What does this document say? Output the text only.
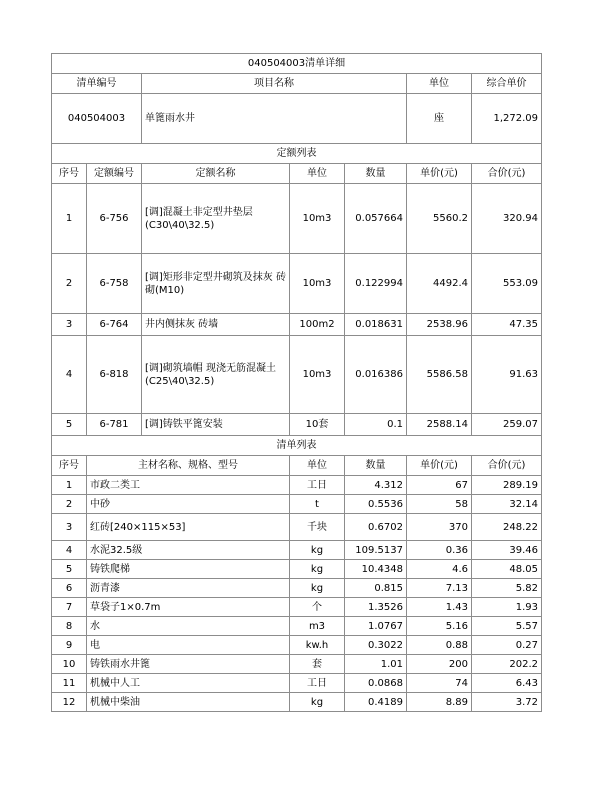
040504003清单详细						
清单编号		项目名称			单位	综合单价
040504003		单篦雨水井			座	1,272.09
定额列表						
序号	定额编号	定额名称	单位	数量	单价(元)	合价(元)
1	6-756	[调]混凝土非定型井垫层(C30\40\32.5)	10m3	0.057664	5560.2	320.94
2	6-758	[调]矩形非定型井砌筑及抹灰 砖砌(M10)	10m3	0.122994	4492.4	553.09
3	6-764	井内侧抹灰 砖墙	100m2	0.018631	2538.96	47.35
4	6-818	[调]砌筑墙帽 现浇无筋混凝土(C25\40\32.5)	10m3	0.016386	5586.58	91.63
5	6-781	[调]铸铁平篦安装	10套	0.1	2588.14	259.07
清单列表						
序号	主材名称、规格、型号		单位	数量	单价(元)	合价(元)
1	市政二类工		工日	4.312	67	289.19
2	中砂		t	0.5536	58	32.14
3	红砖[240×115×53]		千块	0.6702	370	248.22
4	水泥32.5级		kg	109.5137	0.36	39.46
5	铸铁爬梯		kg	10.4348	4.6	48.05
6	沥青漆		kg	0.815	7.13	5.82
7	草袋子1×0.7m		个	1.3526	1.43	1.93
8	水		m3	1.0767	5.16	5.57
9	电		kw.h	0.3022	0.88	0.27
10	铸铁雨水井篦		套	1.01	200	202.2
11	机械中人工		工日	0.0868	74	6.43
12	机械中柴油		kg	0.4189	8.89	3.72
